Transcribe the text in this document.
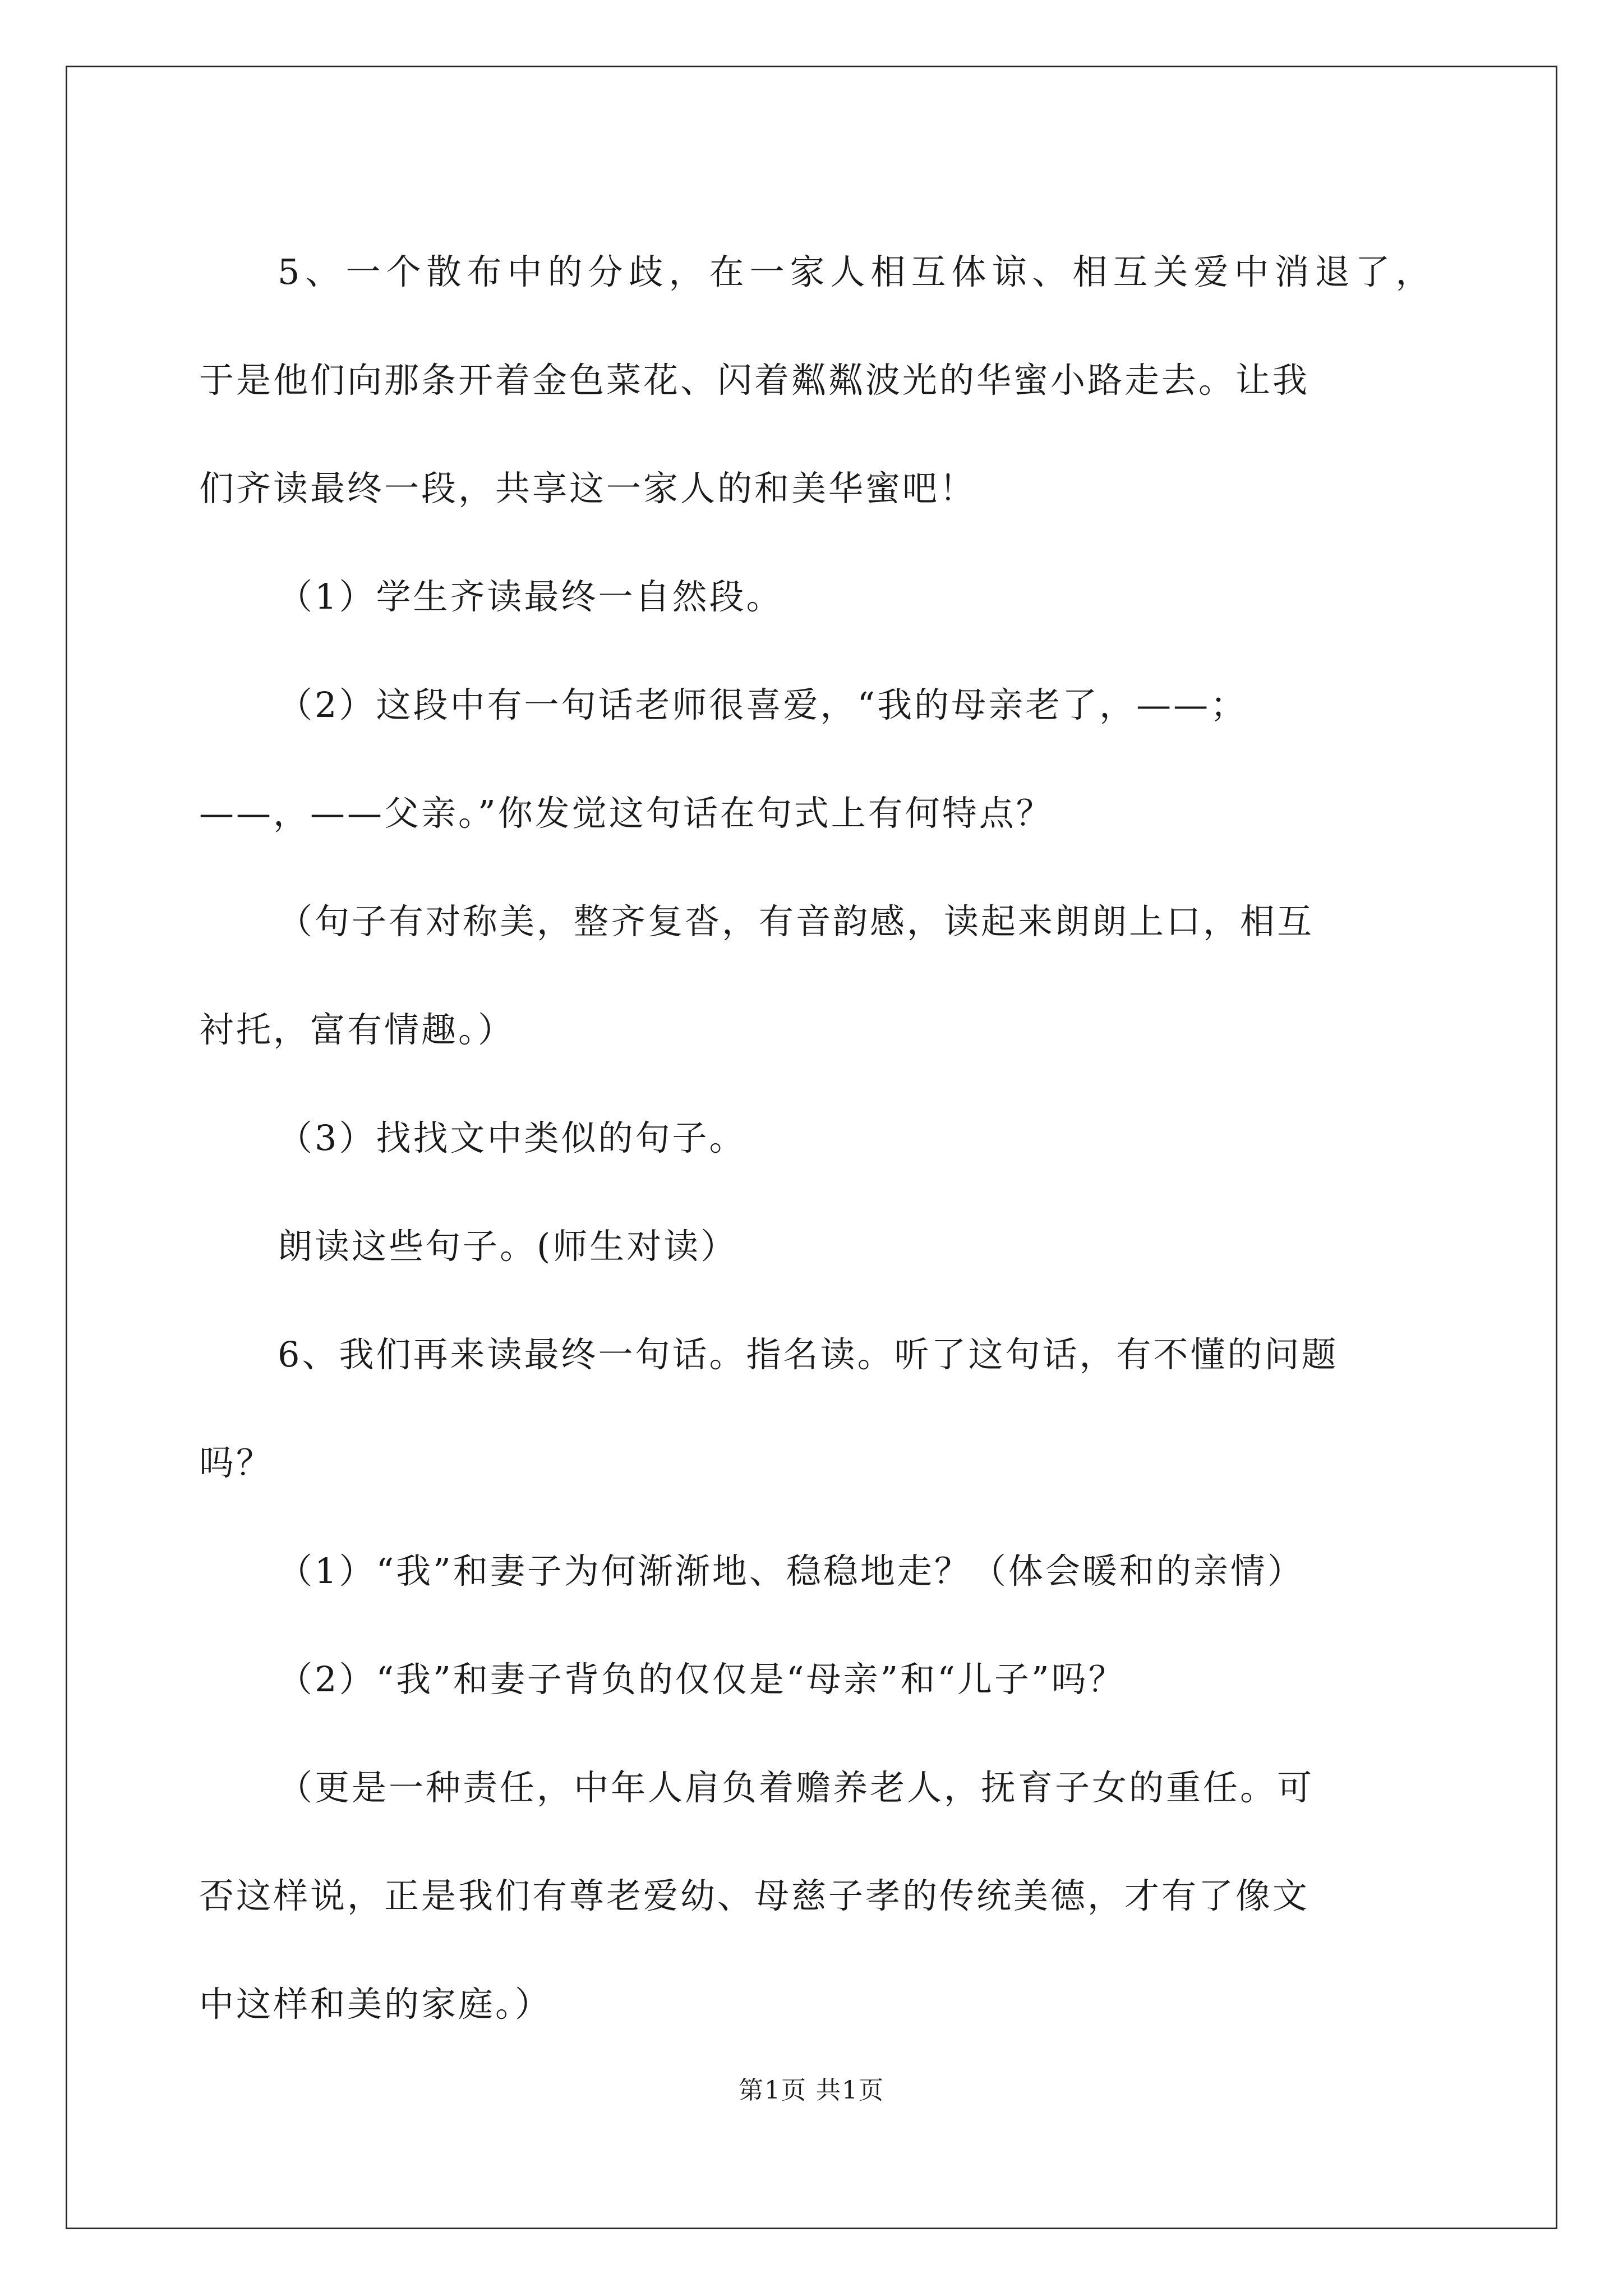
5、一个散布中的分歧，在一家人相互体谅、相互关爱中消退了，
于是他们向那条开着金色菜花、闪着粼粼波光的华蜜小路走去。让我
们齐读最终一段，共享这一家人的和美华蜜吧！
（1）学生齐读最终一自然段。
（2）这段中有一句话老师很喜爱，“我的母亲老了，——；
——，——父亲。”你发觉这句话在句式上有何特点？
（句子有对称美，整齐复沓，有音韵感，读起来朗朗上口，相互
衬托，富有情趣。）
（3）找找文中类似的句子。
朗读这些句子。(师生对读）
6、我们再来读最终一句话。指名读。听了这句话，有不懂的问题
吗？
（1）“我”和妻子为何渐渐地、稳稳地走？（体会暖和的亲情）
（2）“我”和妻子背负的仅仅是“母亲”和“儿子”吗？
（更是一种责任，中年人肩负着赡养老人，抚育子女的重任。可
否这样说，正是我们有尊老爱幼、母慈子孝的传统美德，才有了像文
中这样和美的家庭。）
第1页 共1页
